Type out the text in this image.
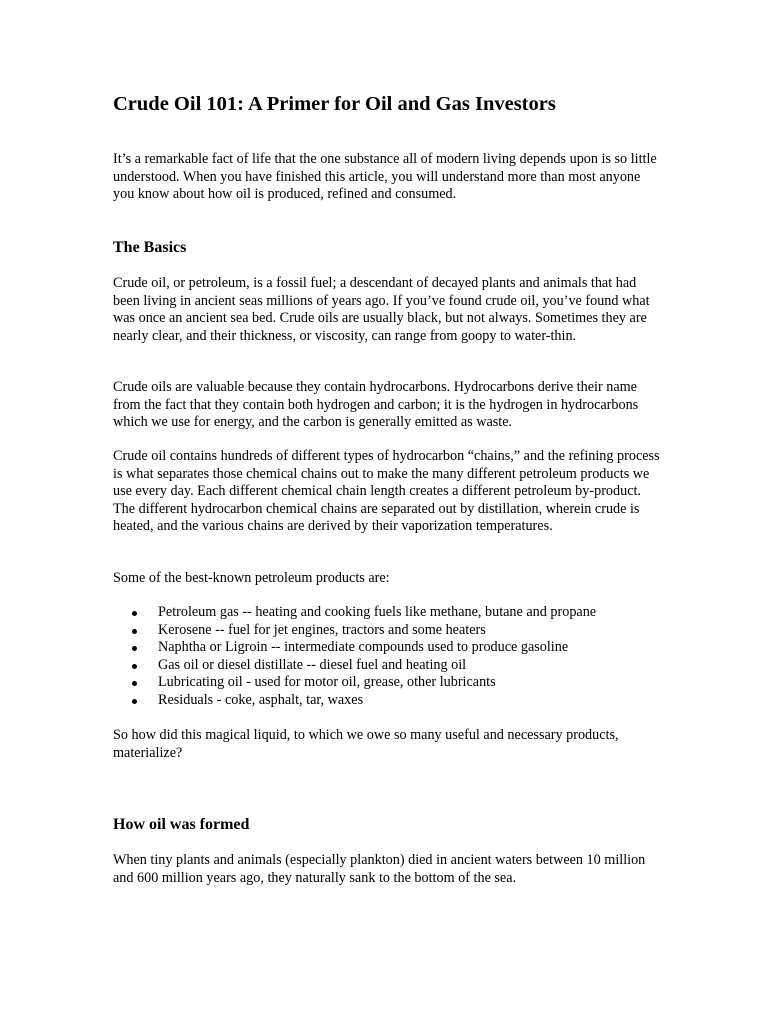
Crude Oil 101: A Primer for Oil and Gas Investors

It’s a remarkable fact of life that the one substance all of modern living depends upon is so little understood. When you have finished this article, you will understand more than most anyone you know about how oil is produced, refined and consumed.

The Basics

Crude oil, or petroleum, is a fossil fuel; a descendant of decayed plants and animals that had been living in ancient seas millions of years ago. If you’ve found crude oil, you’ve found what was once an ancient sea bed. Crude oils are usually black, but not always. Sometimes they are nearly clear, and their thickness, or viscosity, can range from goopy to water-thin.

Crude oils are valuable because they contain hydrocarbons. Hydrocarbons derive their name from the fact that they contain both hydrogen and carbon; it is the hydrogen in hydrocarbons which we use for energy, and the carbon is generally emitted as waste.

Crude oil contains hundreds of different types of hydrocarbon “chains,” and the refining process is what separates those chemical chains out to make the many different petroleum products we use every day. Each different chemical chain length creates a different petroleum by-product. The different hydrocarbon chemical chains are separated out by distillation, wherein crude is heated, and the various chains are derived by their vaporization temperatures.

Some of the best-known petroleum products are:

Petroleum gas -- heating and cooking fuels like methane, butane and propane
Kerosene -- fuel for jet engines, tractors and some heaters
Naphtha or Ligroin -- intermediate compounds used to produce gasoline
Gas oil or diesel distillate -- diesel fuel and heating oil
Lubricating oil - used for motor oil, grease, other lubricants
Residuals - coke, asphalt, tar, waxes

So how did this magical liquid, to which we owe so many useful and necessary products, materialize?

How oil was formed

When tiny plants and animals (especially plankton) died in ancient waters between 10 million and 600 million years ago, they naturally sank to the bottom of the sea.
